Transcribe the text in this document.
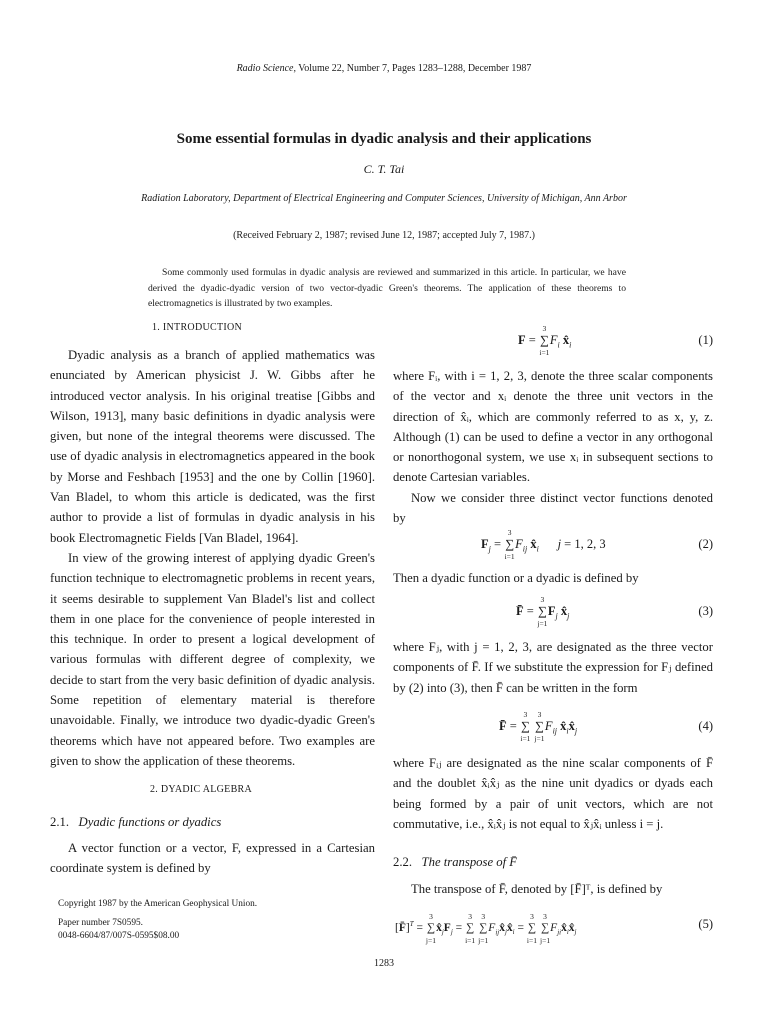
Radio Science, Volume 22, Number 7, Pages 1283–1288, December 1987
Some essential formulas in dyadic analysis and their applications
C. T. Tai
Radiation Laboratory, Department of Electrical Engineering and Computer Sciences, University of Michigan, Ann Arbor
(Received February 2, 1987; revised June 12, 1987; accepted July 7, 1987.)
Some commonly used formulas in dyadic analysis are reviewed and summarized in this article. In particular, we have derived the dyadic-dyadic version of two vector-dyadic Green's theorems. The application of these theorems to electromagnetics is illustrated by two examples.
1. INTRODUCTION

Dyadic analysis as a branch of applied mathematics was enunciated by American physicist J. W. Gibbs after he introduced vector analysis. In his original treatise [Gibbs and Wilson, 1913], many basic definitions in dyadic analysis were given, but none of the integral theorems were discussed. The use of dyadic analysis in electromagnetics appeared in the book by Morse and Feshbach [1953] and the one by Collin [1960]. Van Bladel, to whom this article is dedicated, was the first author to provide a list of formulas in dyadic analysis in his book Electromagnetic Fields [Van Bladel, 1964].

In view of the growing interest of applying dyadic Green's function technique to electromagnetic problems in recent years, it seems desirable to supplement Van Bladel's list and collect them in one place for the convenience of people interested in this technique. In order to present a logical development of various formulas with different degree of complexity, we decide to start from the very basic definition of dyadic analysis. Some repetition of elementary material is therefore unavoidable. Finally, we introduce two dyadic-dyadic Green's theorems which have not appeared before. Two examples are given to show the application of these theorems.

2. DYADIC ALGEBRA
2.1. Dyadic functions or dyadics

A vector function or a vector, F, expressed in a Cartesian coordinate system is defined by

Copyright 1987 by the American Geophysical Union.
Paper number 7S0595.
0048-6604/87/007S-0595$08.00
F = ∑
3
i=1
$F_i$ $x̂_i$	(1)

where Fᵢ, with i = 1, 2, 3, denote the three scalar components of the vector and xᵢ denote the three unit vectors in the direction of x̂ᵢ, which are commonly referred to as x, y, z. Although (1) can be used to define a vector in any orthogonal or nonorthogonal system, we use xᵢ in subsequent sections to denote Cartesian variables.

Now we consider three distinct vector functions denoted by

$F_j$ = ∑
3
i=1
$F_{ij}$ $x̂_i$ j = 1, 2, 3	(2)

Then a dyadic function or a dyadic is defined by

F̄ = ∑
3
j=1
$F_j$ $x̂_j$	(3)

where Fⱼ, with j = 1, 2, 3, are designated as the three vector components of F̄. If we substitute the expression for Fⱼ defined by (2) into (3), then F̄ can be written in the form

F̄ = ∑
3
i=1
∑
3
j=1
$F_{ij}$ $x̂_ix̂_j$	(4)

where Fᵢⱼ are designated as the nine scalar components of F̄ and the doublet x̂ᵢx̂ⱼ as the nine unit dyadics or dyads each being formed by a pair of unit vectors, which are not commutative, i.e., x̂ᵢx̂ⱼ is not equal to x̂ⱼx̂ᵢ unless i = j.

2.2. The transpose of F̄

The transpose of F̄, denoted by [F̄]ᵀ, is defined by

[F̄]$^T$ = ∑
3
j=1
$x̂_jF_j$ = ∑
3
i=1
∑
3
j=1
$F_{ij}x̂_jx̂_i$ = ∑
3
i=1
∑
3
j=1
$F_{ji}x̂_ix̂_j$
(5)
1283
